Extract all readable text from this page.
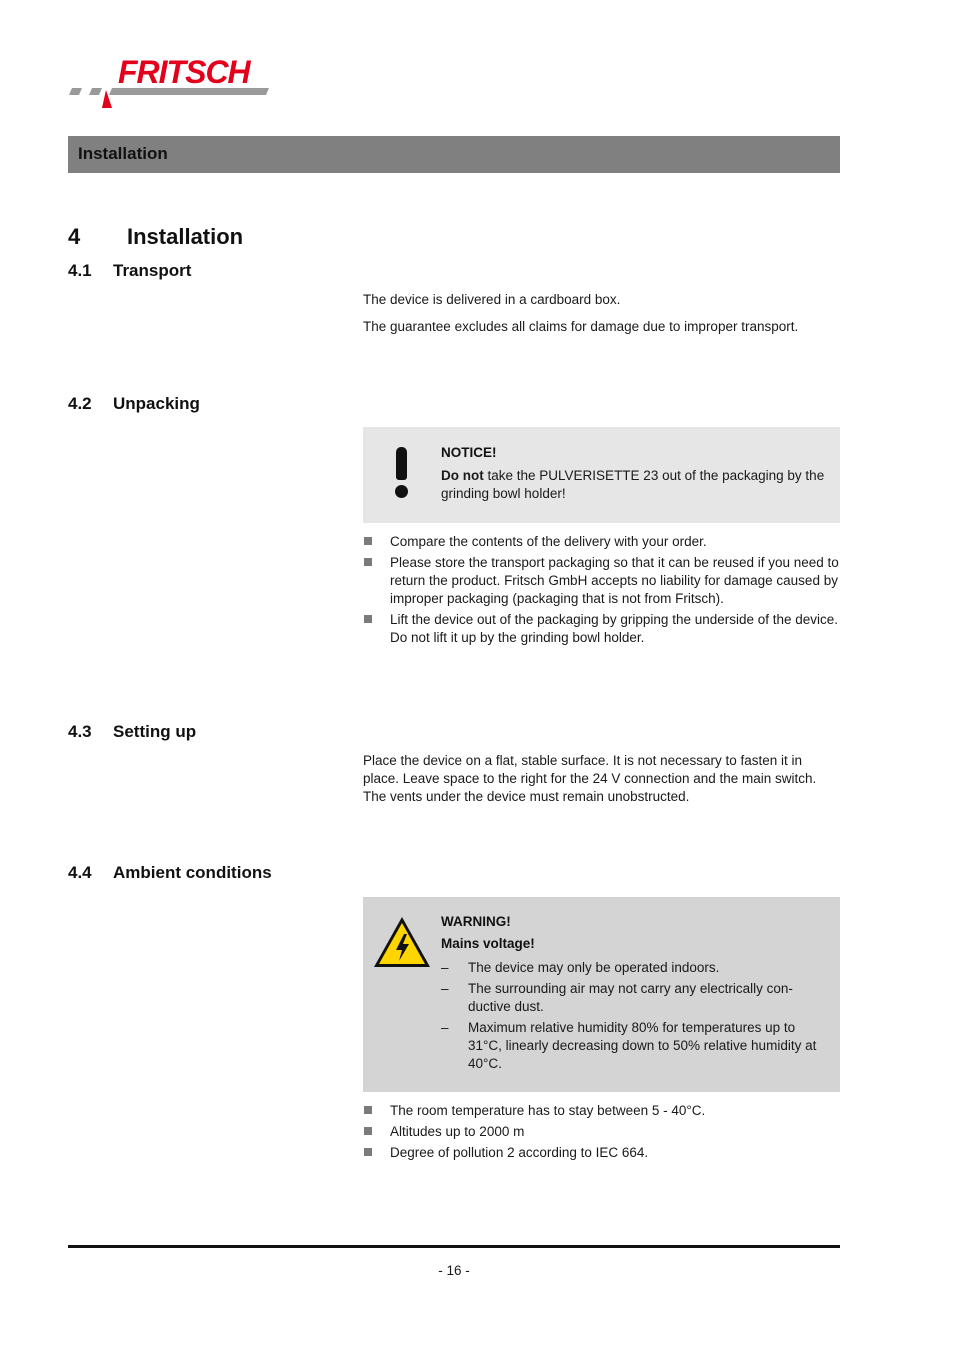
FRITSCH
Installation
4 Installation
4.1 Transport
The device is delivered in a cardboard box.
The guarantee excludes all claims for damage due to improper transport.
4.2 Unpacking
NOTICE!
Do not take the PULVERISETTE 23 out of the packaging by the grinding bowl holder!
Compare the contents of the delivery with your order.
Please store the transport packaging so that it can be reused if you need to return the product. Fritsch GmbH accepts no liability for damage caused by improper packaging (packaging that is not from Fritsch).
Lift the device out of the packaging by gripping the underside of the device. Do not lift it up by the grinding bowl holder.
4.3 Setting up
Place the device on a flat, stable surface. It is not necessary to fasten it in place. Leave space to the right for the 24 V connection and the main switch. The vents under the device must remain unobstructed.
4.4 Ambient conditions
WARNING!
Mains voltage!
– The device may only be operated indoors.
– The surrounding air may not carry any electrically con-ductive dust.
– Maximum relative humidity 80% for temperatures up to 31°C, linearly decreasing down to 50% relative humidity at 40°C.
The room temperature has to stay between 5 - 40°C.
Altitudes up to 2000 m
Degree of pollution 2 according to IEC 664.
- 16 -
